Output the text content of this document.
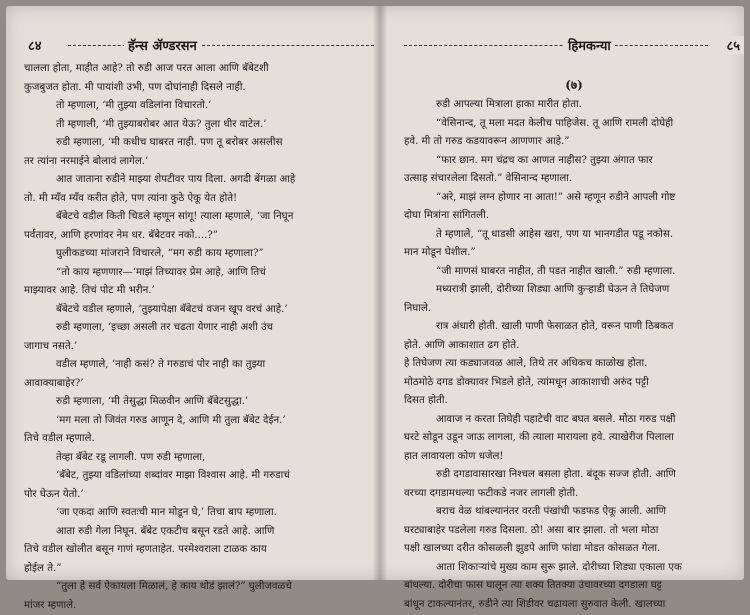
८४	हॅन्स ॲण्डरसन
चालला होता, माहीत आहे? तो रुडी आज परत आला आणि बॅबेटशी
कुजबुजत होता. मी पायांशी उभी, पण दोघांनाही दिसले नाही.
तो म्हणाला, ‘मी तुझ्या वडिलांना विचारतो.’
ती म्हणाली, ‘मी तुझ्याबरोबर आत येऊ? तुला धीर वाटेल.’
रुडी म्हणाला, ‘मी कधीच घाबरत नाही. पण तू बरोबर असलीस
तर त्यांना नरमाईने बोलावं लागेल.’
आत जाताना रुडीने माझ्या शेपटीवर पाय दिला. अगदी बेंगळा आहे
तो. मी म्यँव म्यँव करीत होते, पण त्यांना कुठे ऐकू येत होते!
बॅबेटचे वडील किती चिडले म्हणून सांगू! त्याला म्हणाले, ‘जा निघून
पर्वतावर, आणि हरणांवर नेम धर. बॅबेटवर नको....?”
घुलीकडच्या मांजराने विचारले, “मग रुडी काय म्हणाला?”
“तो काय म्हणणार—‘माझं तिच्यावर प्रेम आहे, आणि तिचं
माझ्यावर आहे. तिचं पोट मी भरीन.’
बॅबेटचे वडील म्हणाले, ‘तुझ्यापेक्षा बॅबेटचं वजन खूप वरचं आहे.’
रुडी म्हणाला, ‘इच्छा असली तर चढता येणार नाही अशी उंच
जागाच नसते.’
वडील म्हणाले, ‘नाही कसं? ते गरुडाचं पोर नाही का तुझ्या
आवाक्याबाहेर?’
रुडी म्हणाला, ‘मी तेसुद्धा मिळवीन आणि बॅबेटसुद्धा.’
‘मग मला तो जिवंत गरुड आणून दे, आणि मी तुला बॅबेट देईन.’
तिचे वडील म्हणाले.
तेव्हा बॅबेट रडू लागली. पण रुडी म्हणाला,
‘बॅबेट, तुझ्या वडिलांच्या शब्दांवर माझा विश्वास आहे. मी गरुडाचं
पोर घेऊन येतो.’
‘जा एकदा आणि स्वतःची मान मोडून घे,’ तिचा बाप म्हणाला.
आता रुडी गेला निघून. बॅबेट एकटीच बसून रडते आहे. आणि
तिचे वडील खोलीत बसून गाणं म्हणताहेत. परमेश्वराला टाळक काय
होईल ते.”
“तुला हे सर्व ऐकायला मिळालं, हे काय थोडं झालं?” घुलीजवळचे
मांजर म्हणाले.
हिमकन्या	८५
(७)
रुडी आपल्या मित्राला हाका मारीत होता.
“वेसिनान्द, तू मला मदत केलीच पाहिजेस. तू आणि रामली दोघेही
हवे. मी तो गरुड कडयावरून आणणार आहे.”
“फार छान. मग चंद्रच का आणत नाहीस? तुझ्या अंगात फार
उत्साह संचारलेला दिसतो.” वेसिनान्द म्हणाला.
“अरे, माझं लग्न होणार ना आता!” असे म्हणून रुडीने आपली गोष्ट
दोघा मित्रांना सांगितली.
ते म्हणाले, “तू धाडसी आहेस खरा, पण या भानगडीत पडू नकोस.
मान मोडून घेशील.”
“जी माणसं घाबरत नाहीत, ती पडत नाहीत खाली.” रुडी म्हणाला.
मध्यरात्री झाली, दोरीच्या शिड्या आणि कुऱ्हाडी घेऊन ते तिघेजण
निघाले.
रात्र अंधारी होती. खाली पाणी फेसाळत होते, वरून पाणी ठिबकत
होते. आणि आकाशात ढग होते.
हे तिघेजण त्या कड्याजवळ आले, तिथे तर अधिकच काळोख होता.
मोठमोठे दगड डोक्यावर भिडले होते, त्यांमधून आकाशाची अरुंद पट्टी
दिसत होती.
आवाज न करता तिघेही पहाटेची वाट बघत बसले. मोठा गरुड पक्षी
घरटे सोडून उडून जाऊ लागला, की त्याला मारायला हवे. त्याखेरीज पिलाला
हात लावायला कोण धजेल!
रुडी दगडावासारखा निश्चल बसला होता. बंदूक सज्ज होती. आणि
वरच्या दगडामधल्या फटीकडे नजर लागली होती.
बराच वेळ थांबल्यानंतर वरती पंखांची फडफड ऐकू आली. आणि
घरट्याबाहेर पडलेला गरुड दिसला. ठो! असा बार झाला. तो भला मोठा
पक्षी खालच्या दरीत कोसळली झुडपे आणि फांद्या मोडत कोसळत गेला.
आता शिकाऱ्यांचे मुख्य काम सुरू झाले. दोरीच्या शिड्या एकाला एक
बांधल्या. दोरीचा फास घालून त्या शक्य तितक्या उंचावरच्या दगडाला घट्ट
बांधून टाकल्यानंतर, रुडीने त्या शिडीवर चढायला सुरुवात केली. खालच्या
